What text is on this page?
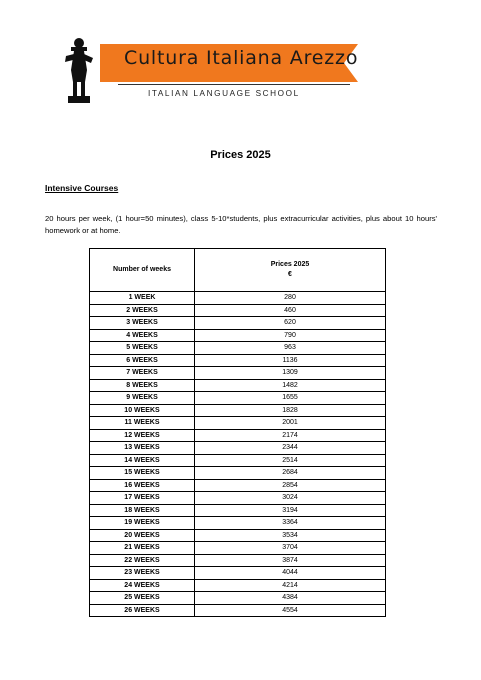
Cultura Italiana Arezzo
ITALIAN LANGUAGE SCHOOL
Prices 2025
Intensive Courses
20 hours per week, (1 hour=50 minutes), class 5-10*students, plus extracurricular activities, plus about 10 hours' homework or at home.
Number of weeks	Prices 2025
€
1 WEEK	280
2 WEEKS	460
3 WEEKS	620
4 WEEKS	790
5 WEEKS	963
6 WEEKS	1136
7 WEEKS	1309
8 WEEKS	1482
9 WEEKS	1655
10 WEEKS	1828
11 WEEKS	2001
12 WEEKS	2174
13 WEEKS	2344
14 WEEKS	2514
15 WEEKS	2684
16 WEEKS	2854
17 WEEKS	3024
18 WEEKS	3194
19 WEEKS	3364
20 WEEKS	3534
21 WEEKS	3704
22 WEEKS	3874
23 WEEKS	4044
24 WEEKS	4214
25 WEEKS	4384
26 WEEKS	4554
